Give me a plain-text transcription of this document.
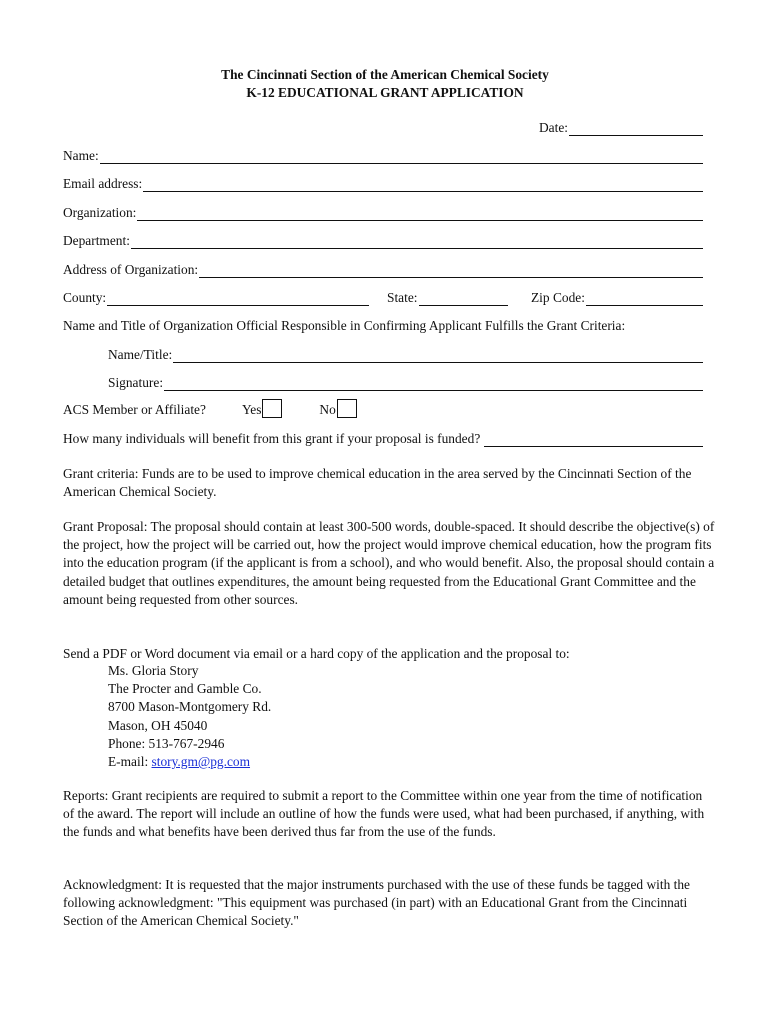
The Cincinnati Section of the American Chemical Society
K-12 EDUCATIONAL GRANT APPLICATION
Date:
Name:
Email address:
Organization:
Department:
Address of Organization:
County:	State:	Zip Code:
Name and Title of Organization Official Responsible in Confirming Applicant Fulfills the Grant Criteria:
Name/Title:
Signature:
ACS Member or Affiliate?	Yes	No
How many individuals will benefit from this grant if your proposal is funded?

Grant criteria: Funds are to be used to improve chemical education in the area served by the Cincinnati Section of the American Chemical Society.

Grant Proposal: The proposal should contain at least 300-500 words, double-spaced. It should describe the objective(s) of the project, how the project will be carried out, how the project would improve chemical education, how the program fits into the education program (if the applicant is from a school), and who would benefit. Also, the proposal should contain a detailed budget that outlines expenditures, the amount being requested from the Educational Grant Committee and the amount being requested from other sources.

Send a PDF or Word document via email or a hard copy of the application and the proposal to:

Ms. Gloria Story
The Procter and Gamble Co.
8700 Mason-Montgomery Rd.
Mason, OH 45040
Phone: 513-767-2946
E-mail: story.gm@pg.com

Reports: Grant recipients are required to submit a report to the Committee within one year from the time of notification of the award. The report will include an outline of how the funds were used, what had been purchased, if anything, with the funds and what benefits have been derived thus far from the use of the funds.

Acknowledgment: It is requested that the major instruments purchased with the use of these funds be tagged with the following acknowledgment: "This equipment was purchased (in part) with an Educational Grant from the Cincinnati Section of the American Chemical Society."
